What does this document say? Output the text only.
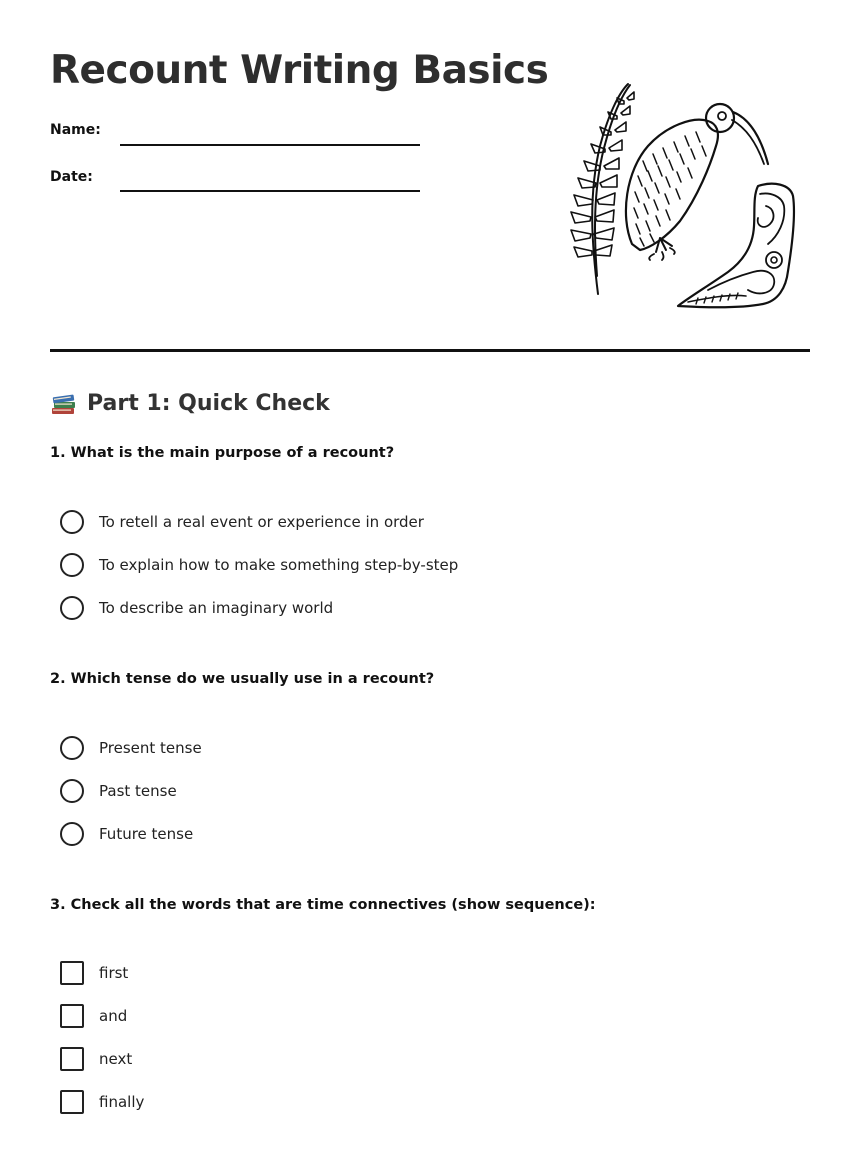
Recount Writing Basics
Name:
Date:
Part 1: Quick Check

1. What is the main purpose of a recount?

To retell a real event or experience in order
To explain how to make something step-by-step
To describe an imaginary world

2. Which tense do we usually use in a recount?

Present tense
Past tense
Future tense

3. Check all the words that are time connectives (show sequence):

first
and
next
finally
